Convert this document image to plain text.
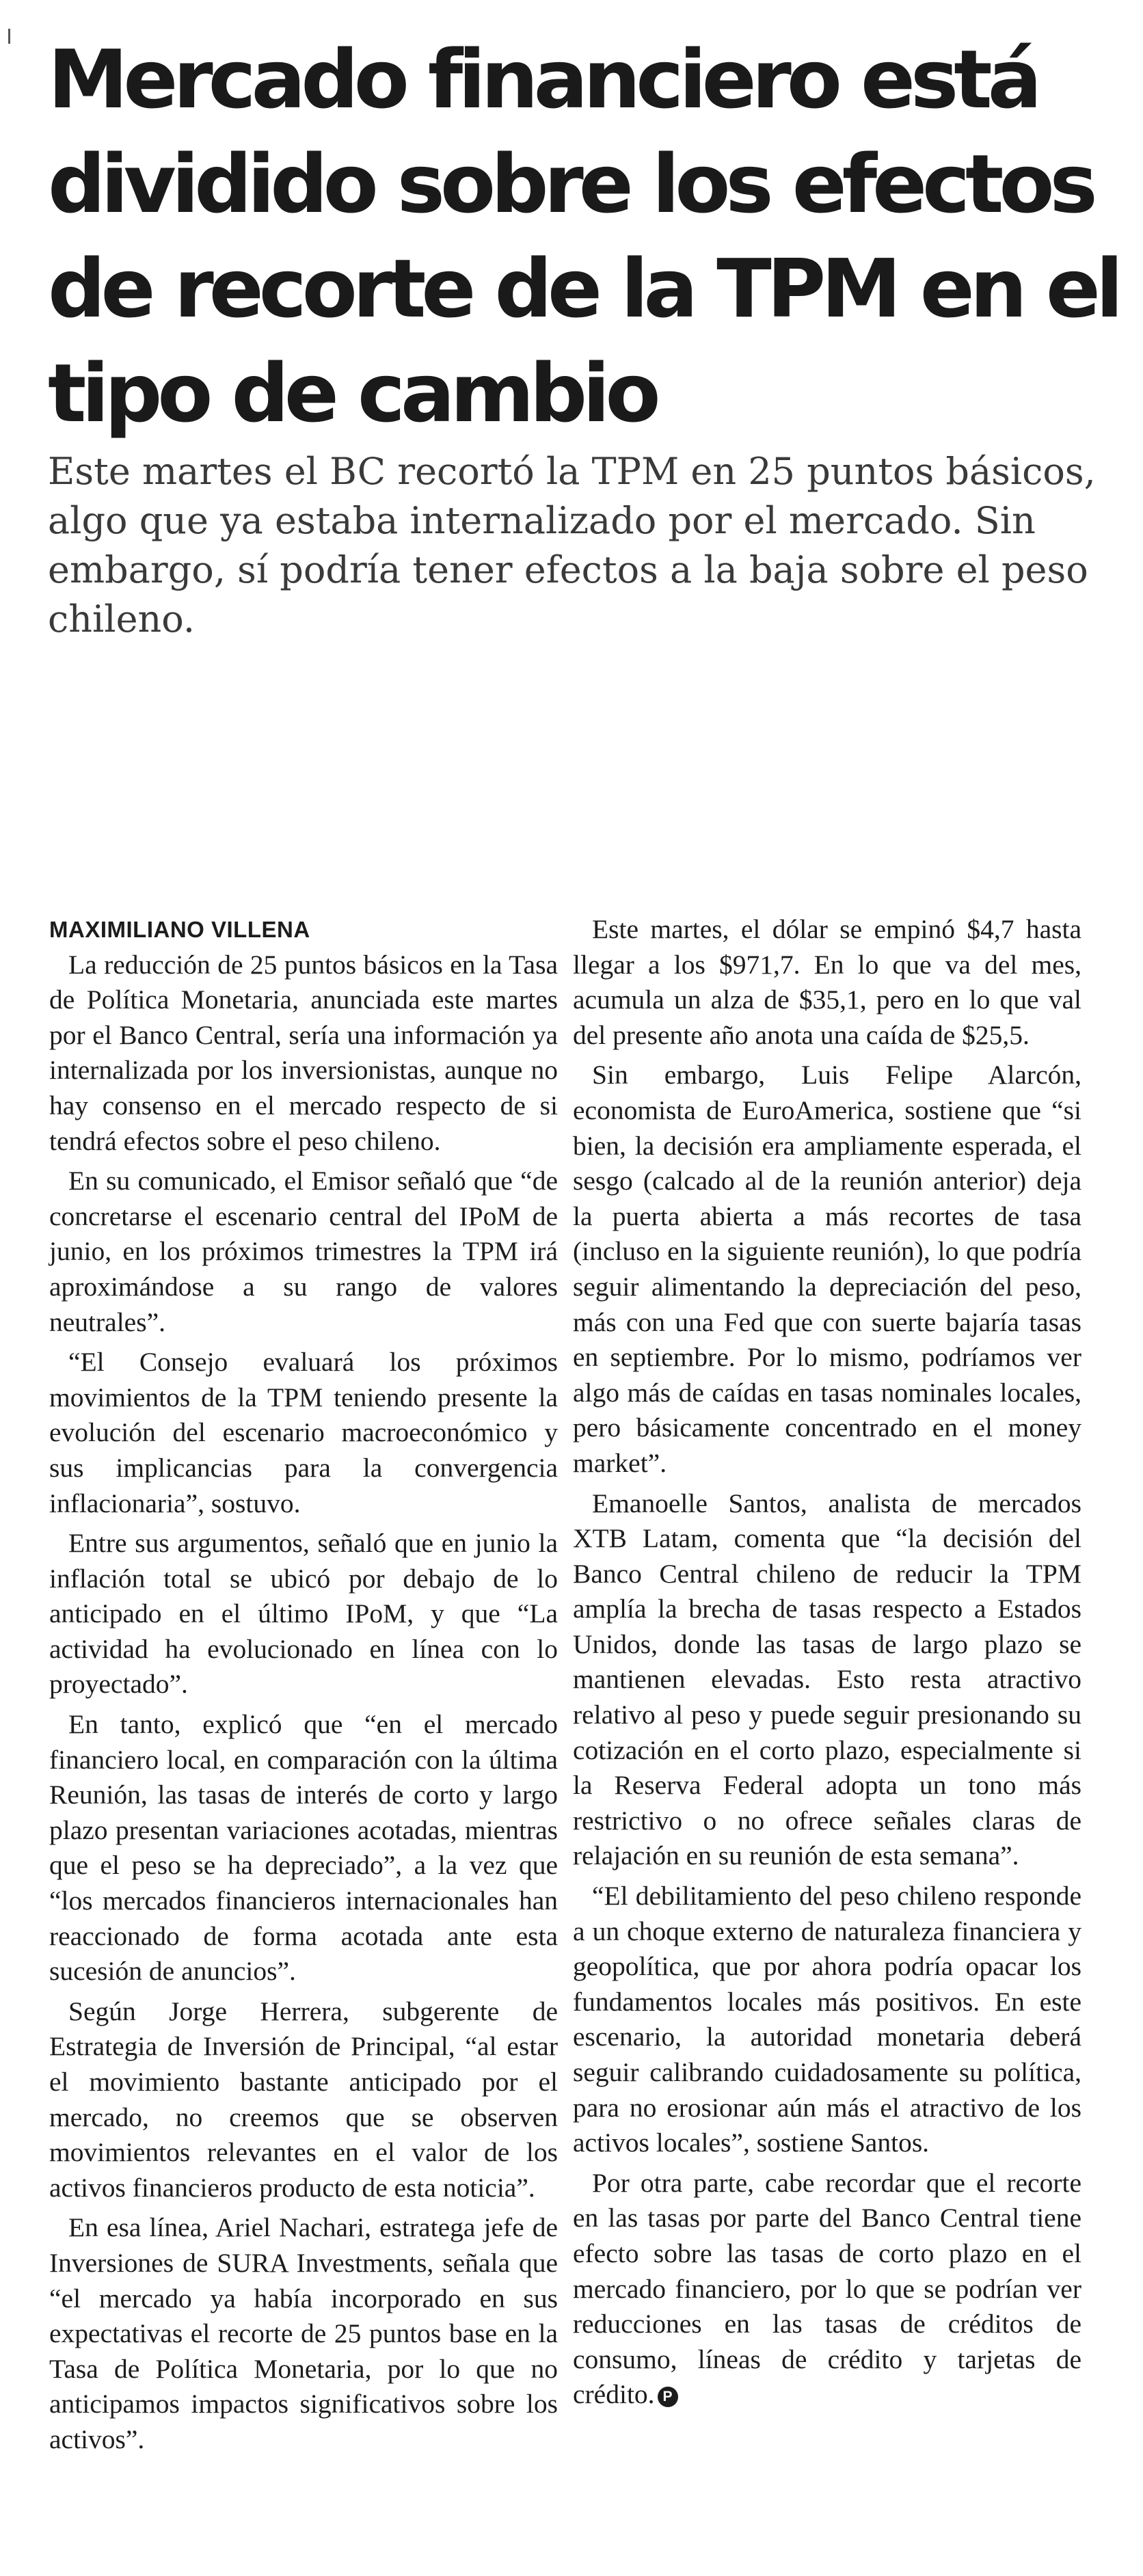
Mercado financiero está
dividido sobre los efectos
de recorte de la TPM en el
tipo de cambio
Este martes el BC recortó la TPM en 25 puntos básicos,
algo que ya estaba internalizado por el mercado. Sin
embargo, sí podría tener efectos a la baja sobre el peso
chileno.
MAXIMILIANO VILLENA

La reducción de 25 puntos básicos en la Tasa de Política Monetaria, anunciada este martes por el Banco Central, sería una información ya internalizada por los inversionistas, aunque no hay consenso en el mercado respecto de si tendrá efectos sobre el peso chileno.

En su comunicado, el Emisor señaló que “de concretarse el escenario central del IPoM de junio, en los próximos trimestres la TPM irá aproximándose a su rango de valores neutrales”.

“El Consejo evaluará los próximos movimientos de la TPM teniendo presente la evolución del escenario macroeconómico y sus implicancias para la convergencia inflacionaria”, sostuvo.

Entre sus argumentos, señaló que en junio la inflación total se ubicó por debajo de lo anticipado en el último IPoM, y que “La actividad ha evolucionado en línea con lo proyectado”.

En tanto, explicó que “en el mercado financiero local, en comparación con la última Reunión, las tasas de interés de corto y largo plazo presentan variaciones acotadas, mientras que el peso se ha depreciado”, a la vez que “los mercados financieros internacionales han reaccionado de forma acotada ante esta sucesión de anuncios”.

Según Jorge Herrera, subgerente de Estrategia de Inversión de Principal, “al estar el movimiento bastante anticipado por el mercado, no creemos que se observen movimientos relevantes en el valor de los activos financieros producto de esta noticia”.

En esa línea, Ariel Nachari, estratega jefe de Inversiones de SURA Investments, señala que “el mercado ya había incorporado en sus expectativas el recorte de 25 puntos base en la Tasa de Política Monetaria, por lo que no anticipamos impactos significativos sobre los activos”.

Este martes, el dólar se empinó $4,7 hasta llegar a los $971,7. En lo que va del mes, acumula un alza de $35,1, pero en lo que val del presente año anota una caída de $25,5.

Sin embargo, Luis Felipe Alarcón, economista de EuroAmerica, sostiene que “si bien, la decisión era ampliamente esperada, el sesgo (calcado al de la reunión anterior) deja la puerta abierta a más recortes de tasa (incluso en la siguiente reunión), lo que podría seguir alimentando la depreciación del peso, más con una Fed que con suerte bajaría tasas en septiembre. Por lo mismo, podríamos ver algo más de caídas en tasas nominales locales, pero básicamente concentrado en el money market”.

Emanoelle Santos, analista de mercados XTB Latam, comenta que “la decisión del Banco Central chileno de reducir la TPM amplía la brecha de tasas respecto a Estados Unidos, donde las tasas de largo plazo se mantienen elevadas. Esto resta atractivo relativo al peso y puede seguir presionando su cotización en el corto plazo, especialmente si la Reserva Federal adopta un tono más restrictivo o no ofrece señales claras de relajación en su reunión de esta semana”.

“El debilitamiento del peso chileno responde a un choque externo de naturaleza financiera y geopolítica, que por ahora podría opacar los fundamentos locales más positivos. En este escenario, la autoridad monetaria deberá seguir calibrando cuidadosamente su política, para no erosionar aún más el atractivo de los activos locales”, sostiene Santos.

Por otra parte, cabe recordar que el recorte en las tasas por parte del Banco Central tiene efecto sobre las tasas de corto plazo en el mercado financiero, por lo que se podrían ver reducciones en las tasas de créditos de consumo, líneas de crédito y tarjetas de crédito. P
